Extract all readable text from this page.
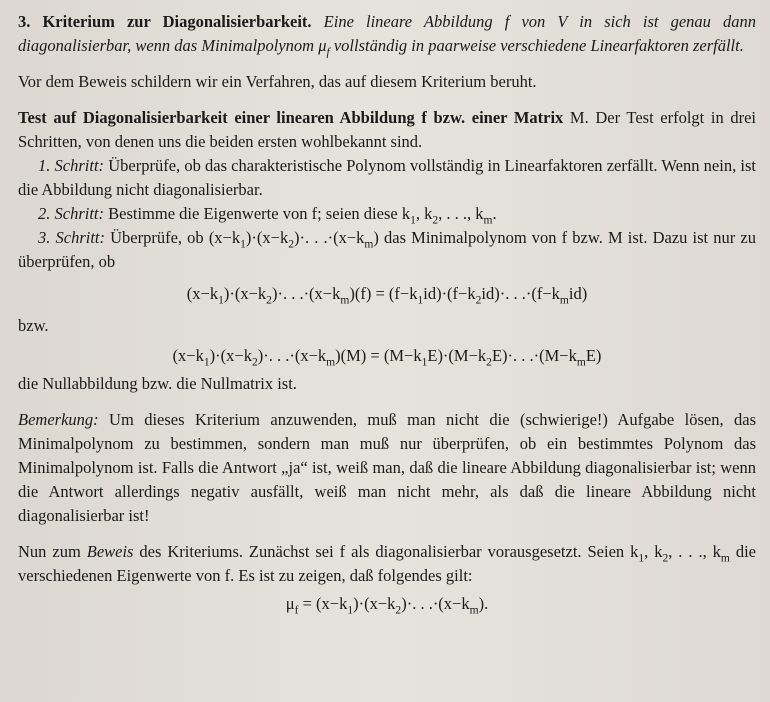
3. Kriterium zur Diagonalisierbarkeit. Eine lineare Abbildung f von V in sich ist genau dann diagonalisierbar, wenn das Minimalpolynom $\mu_f$ vollständig in paarweise verschiedene Linearfaktoren zerfällt.

Vor dem Beweis schildern wir ein Verfahren, das auf diesem Kriterium beruht.

Test auf Diagonalisierbarkeit einer linearen Abbildung f bzw. einer Matrix M. Der Test erfolgt in drei Schritten, von denen uns die beiden ersten wohlbekannt sind.

1. Schritt: Überprüfe, ob das charakteristische Polynom vollständig in Linearfaktoren zerfällt. Wenn nein, ist die Abbildung nicht diagonalisierbar.

2. Schritt: Bestimme die Eigenwerte von f; seien diese $k_1$, $k_2$, . . ., $k_m$.

3. Schritt: Überprüfe, ob $(x-k_1)\cdot(x-k_2)\cdot$. . $.\cdot(x-k_m)$ das Minimalpolynom von f bzw. M ist. Dazu ist nur zu überprüfen, ob

$(x-k_1)\cdot(x-k_2)\cdot$. . $.\cdot(x-k_m)(f) = (f-k_1id)\cdot(f-k_2id)\cdot$. . $.\cdot(f-k_mid)$

bzw.

$(x-k_1)\cdot(x-k_2)\cdot$. . $.\cdot(x-k_m)(M) = (M-k_1E)\cdot(M-k_2E)\cdot$. . $.\cdot(M-k_mE)$

die Nullabbildung bzw. die Nullmatrix ist.

Bemerkung: Um dieses Kriterium anzuwenden, muß man nicht die (schwierige!) Aufgabe lösen, das Minimalpolynom zu bestimmen, sondern man muß nur überprüfen, ob ein bestimmtes Polynom das Minimalpolynom ist. Falls die Antwort „ja“ ist, weiß man, daß die lineare Abbildung diagonalisierbar ist; wenn die Antwort allerdings negativ ausfällt, weiß man nicht mehr, als daß die lineare Abbildung nicht diagonalisierbar ist!

Nun zum Beweis des Kriteriums. Zunächst sei f als diagonalisierbar vorausgesetzt. Seien $k_1$, $k_2$, . . ., $k_m$ die verschiedenen Eigenwerte von f. Es ist zu zeigen, daß folgendes gilt:

$\mu_f = (x-k_1)\cdot(x-k_2)\cdot$. . $.\cdot(x-k_m)$.
